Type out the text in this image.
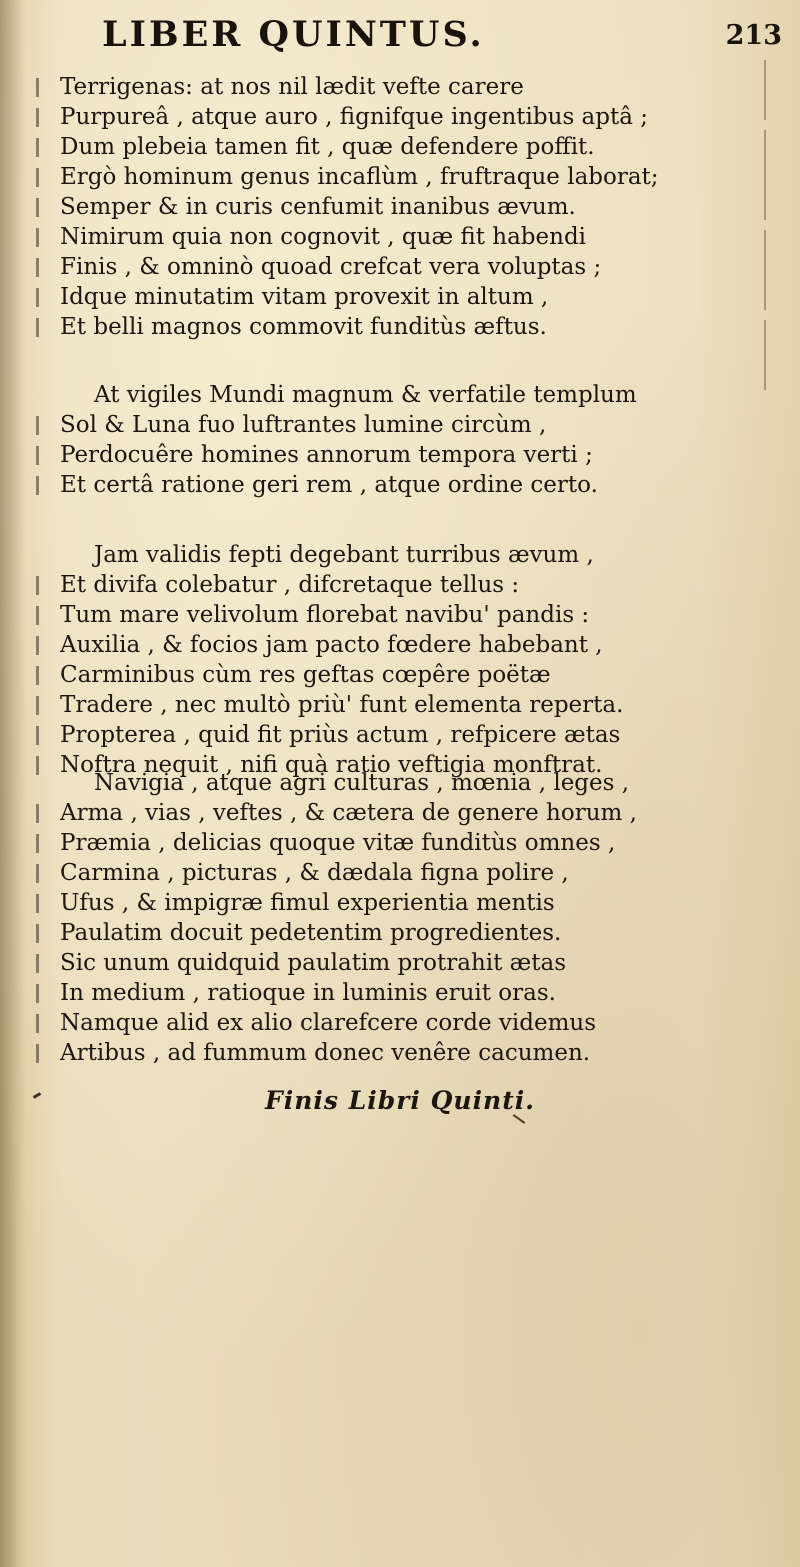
LIBER QUINTUS.	213
Terrigenas: at nos nil lædit vefte carere
Purpureâ , atque auro , fignifque ingentibus aptâ ;
Dum plebeia tamen fit , quæ defendere poffit.
Ergò hominum genus incaflùm , fruftraque laborat;
Semper & in curis cenfumit inanibus ævum.
Nimirum quia non cognovit , quæ fit habendi
Finis , & omninò quoad crefcat vera voluptas ;
Idque minutatim vitam provexit in altum ,
Et belli magnos commovit funditùs æftus.
At vigiles Mundi magnum & verfatile templum
Sol & Luna fuo luftrantes lumine circùm ,
Perdocuêre homines annorum tempora verti ;
Et certâ ratione geri rem , atque ordine certo.
Jam validis fepti degebant turribus ævum ,
Et divifa colebatur , difcretaque tellus :
Tum mare velivolum florebat navibu' pandis :
Auxilia , & focios jam pacto fœdere habebant ,
Carminibus cùm res geftas cœpêre poëtæ
Tradere , nec multò priù' funt elementa reperta.
Propterea , quid fit priùs actum , refpicere ætas
Noftra nequit , nifi quà ratio veftigia monftrat.
Navigia , atque agri culturas , mœnia , leges ,
Arma , vias , veftes , & cætera de genere horum ,
Præmia , delicias quoque vitæ funditùs omnes ,
Carmina , picturas , & dædala figna polire ,
Ufus , & impigræ fimul experientia mentis
Paulatim docuit pedetentim progredientes.
Sic unum quidquid paulatim protrahit ætas
In medium , ratioque in luminis eruit oras.
Namque alid ex alio clarefcere corde videmus
Artibus , ad fummum donec venêre cacumen.
Finis Libri Quinti.
